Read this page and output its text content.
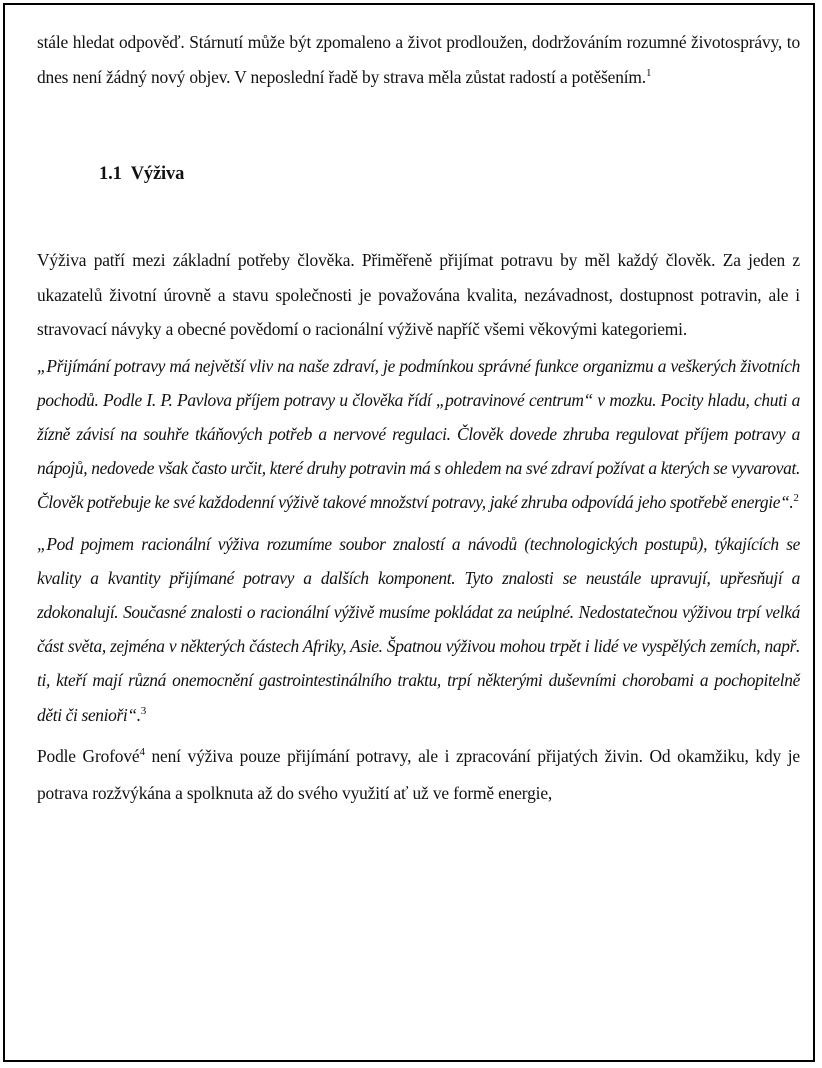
stále hledat odpověď. Stárnutí může být zpomaleno a život prodloužen, dodržováním rozumné životosprávy, to dnes není žádný nový objev. V neposlední řadě by strava měla zůstat radostí a potěšením.$^1$

1.1 Výživa

Výživa patří mezi základní potřeby člověka. Přiměřeně přijímat potravu by měl každý člověk. Za jeden z ukazatelů životní úrovně a stavu společnosti je považována kvalita, nezávadnost, dostupnost potravin, ale i stravovací návyky a obecné povědomí o racionální výživě napříč všemi věkovými kategoriemi.

„Přijímání potravy má největší vliv na naše zdraví, je podmínkou správné funkce organizmu a veškerých životních pochodů. Podle I. P. Pavlova příjem potravy u člověka řídí „potravinové centrum“ v mozku. Pocity hladu, chuti a žízně závisí na souhře tkáňových potřeb a nervové regulaci. Člověk dovede zhruba regulovat příjem potravy a nápojů, nedovede však často určit, které druhy potravin má s ohledem na své zdraví požívat a kterých se vyvarovat. Člověk potřebuje ke své každodenní výživě takové množství potravy, jaké zhruba odpovídá jeho spotřebě energie“.$^2$

„Pod pojmem racionální výživa rozumíme soubor znalostí a návodů (technologických postupů), týkajících se kvality a kvantity přijímané potravy a dalších komponent. Tyto znalosti se neustále upravují, upřesňují a zdokonalují. Současné znalosti o racionální výživě musíme pokládat za neúplné. Nedostatečnou výživou trpí velká část světa, zejména v některých částech Afriky, Asie. Špatnou výživou mohou trpět i lidé ve vyspělých zemích, např. ti, kteří mají různá onemocnění gastrointestinálního traktu, trpí některými duševními chorobami a pochopitelně děti či senioři“.$^3$

Podle Grofové$^4$ není výživa pouze přijímání potravy, ale i zpracování přijatých živin. Od okamžiku, kdy je potrava rozžvýkána a spolknuta až do svého využití ať už ve formě energie,
